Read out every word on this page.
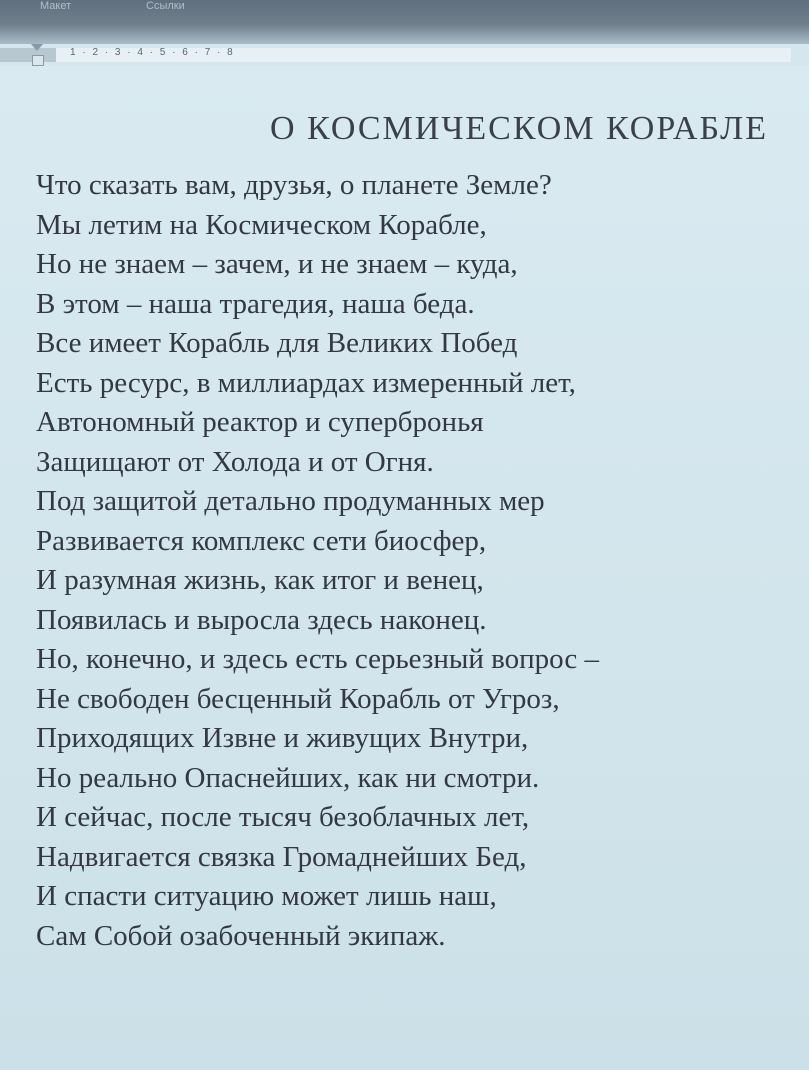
Макет	Ссылки
1 · 2 · 3 · 4 · 5 · 6 · 7 · 8
О КОСМИЧЕСКОМ КОРАБЛЕ
Что сказать вам, друзья, о планете Земле?
Мы летим на Космическом Корабле,
Но не знаем – зачем, и не знаем – куда,
В этом – наша трагедия, наша беда.
Все имеет Корабль для Великих Побед
Есть ресурс, в миллиардах измеренный лет,
Автономный реактор и супербронья
Защищают от Холода и от Огня.
Под защитой детально продуманных мер
Развивается комплекс сети биосфер,
И разумная жизнь, как итог и венец,
Появилась и выросла здесь наконец.
Но, конечно, и здесь есть серьезный вопрос –
Не свободен бесценный Корабль от Угроз,
Приходящих Извне и живущих Внутри,
Но реально Опаснейших, как ни смотри.
И сейчас, после тысяч безоблачных лет,
Надвигается связка Громаднейших Бед,
И спасти ситуацию может лишь наш,
Сам Собой озабоченный экипаж.
